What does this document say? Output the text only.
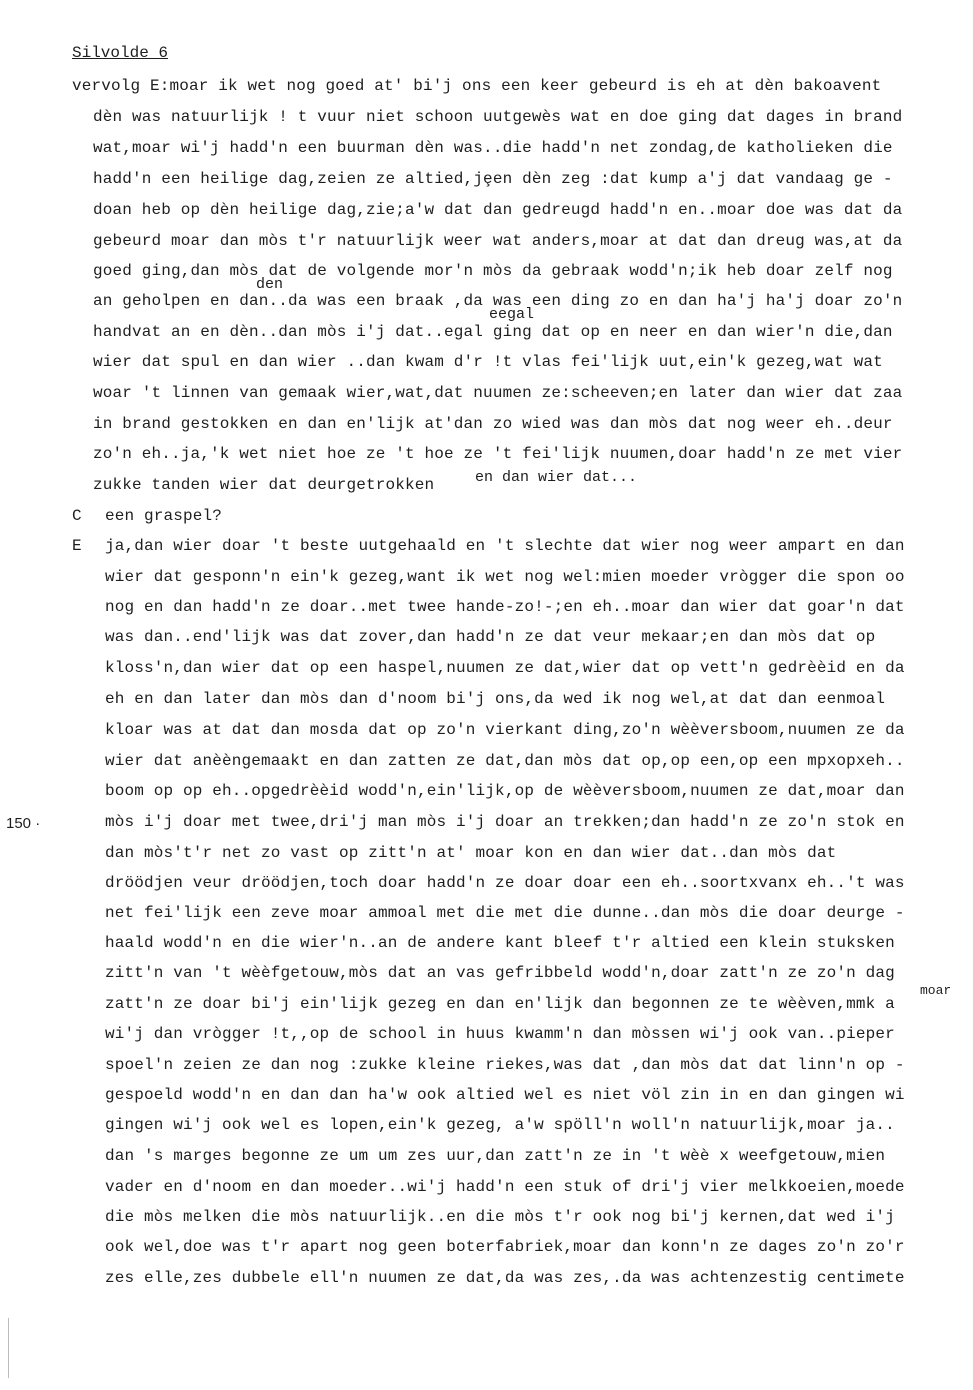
Silvolde 6
vervolg E:moar ik wet nog goed at' bi'j ons een keer gebeurd is eh at dèn bakoavent
dèn was natuurlijk ! t vuur niet schoon uutgewès wat en doe ging dat dages in brand
wat,moar wi'j hadd'n een buurman dèn was..die hadd'n net zondag,de katholieken die
hadd'n een heilige dag,zeien ze altied,jȩen dèn zeg :dat kump a'j dat vandaag ge -
doan heb op dèn heilige dag,zie;a'w dat dan gedreugd hadd'n en..moar doe was dat da
gebeurd moar dan mòs t'r natuurlijk weer wat anders,moar at dat dan dreug was,at da
goed ging,dan mòs dat de volgende mor'n mòs da gebraak wodd'n;ik heb doar zelf nog
an geholpen en dan..da was een braak ,da was een ding zo en dan ha'j ha'j doar zo'n
handvat an en dèn..dan mòs i'j dat..egal ging dat op en neer en dan wier'n die,dan
wier dat spul en dan wier ..dan kwam d'r !t vlas fei'lijk uut,ein'k gezeg,wat wat
woar 't linnen van gemaak wier,wat,dat nuumen ze:scheeven;en later dan wier dat zaa
in brand gestokken en dan en'lijk at'dan zo wied was dan mòs dat nog weer eh..deur
zo'n eh..ja,'k wet niet hoe ze 't hoe ze 't fei'lijk nuumen,doar hadd'n ze met vier
zukke tanden wier dat deurgetrokken
een graspel?
ja,dan wier doar 't beste uutgehaald en 't slechte dat wier nog weer ampart en dan
wier dat gesponn'n ein'k gezeg,want ik wet nog wel:mien moeder vrògger die spon oo
nog en dan hadd'n ze doar..met twee hande-zo!-;en eh..moar dan wier dat goar'n dat
was dan..end'lijk was dat zover,dan hadd'n ze dat veur mekaar;en dan mòs dat op
kloss'n,dan wier dat op een haspel,nuumen ze dat,wier dat op vett'n gedrèèid en da
eh en dan later dan mòs dan d'noom bi'j ons,da wed ik nog wel,at dat dan eenmoal
kloar was at dat dan mosda dat op zo'n vierkant ding,zo'n wèèversboom,nuumen ze da
wier dat anèèngemaakt en dan zatten ze dat,dan mòs dat op,op een,op een mpxopxeh..
boom op op eh..opgedrèèid wodd'n,ein'lijk,op de wèèversboom,nuumen ze dat,moar dan
mòs i'j doar met twee,dri'j man mòs i'j doar an trekken;dan hadd'n ze zo'n stok en
dan mòs't'r net zo vast op zitt'n at' moar kon en dan wier dat..dan mòs dat
dröödjen veur dröödjen,toch doar hadd'n ze doar doar een eh..soortxvanx eh..'t was
net fei'lijk een zeve moar ammoal met die met die dunne..dan mòs die doar deurge -
haald wodd'n en die wier'n..an de andere kant bleef t'r altied een klein stuksken
zitt'n van 't wèèfgetouw,mòs dat an vas gefribbeld wodd'n,doar zatt'n ze zo'n dag
zatt'n ze doar bi'j ein'lijk gezeg en dan en'lijk dan begonnen ze te wèèven,mmk a
wi'j dan vrògger !t,,op de school in huus kwamm'n dan mòssen wi'j ook van..pieper
spoel'n zeien ze dan nog :zukke kleine riekes,was dat ,dan mòs dat dat linn'n op -
gespoeld wodd'n en dan dan ha'w ook altied wel es niet völ zin in en dan gingen wi
gingen wi'j ook wel es lopen,ein'k gezeg, a'w spöll'n woll'n natuurlijk,moar ja..
dan 's marges begonne ze um um zes uur,dan zatt'n ze in 't wèè x weefgetouw,mien
vader en d'noom en dan moeder..wi'j hadd'n een stuk of dri'j vier melkkoeien,moede
die mòs melken die mòs natuurlijk..en die mòs t'r ook nog bi'j kernen,dat wed i'j
ook wel,doe was t'r apart nog geen boterfabriek,moar dan konn'n ze dages zo'n zo'r
zes elle,zes dubbele ell'n nuumen ze dat,da was zes,.da was achtenzestig centimete
C
E
den
eegal
moar
en dan wier dat...
150 ·
